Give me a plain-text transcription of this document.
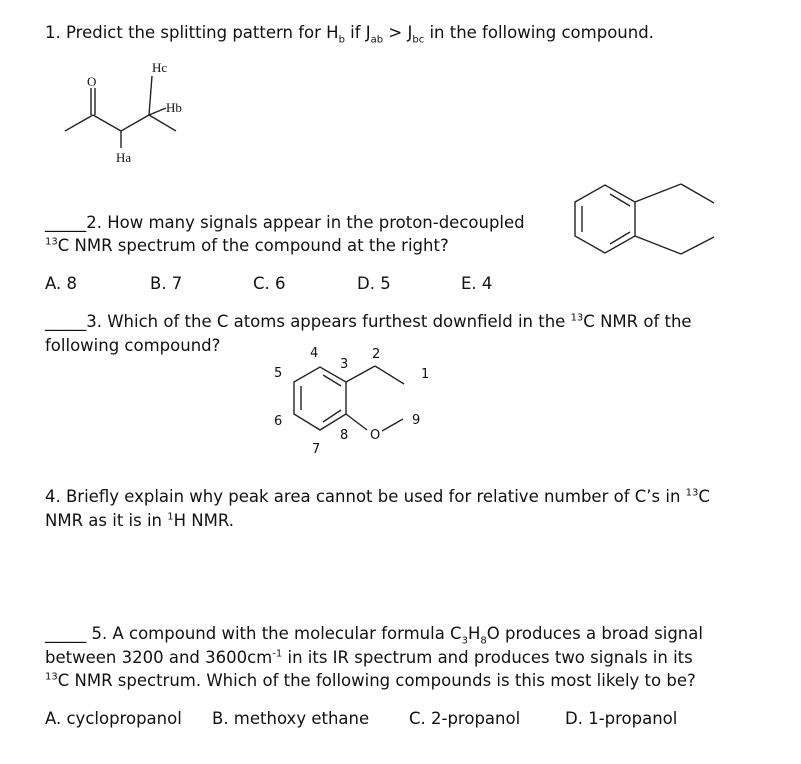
1. Predict the splitting pattern for $H_b$ if $J_{ab} > J_{bc}$ in the following compound.
O
Hc
Hb
Ha
_____2. How many signals appear in the proton-decoupled
$^{13}$C NMR spectrum of the compound at the right?
A. 8	B. 7	C. 6	D. 5	E. 4
_____3. Which of the C atoms appears furthest downfield in the $^{13}$C NMR of the
following compound?
1
2
3
4
5
6
7
8
9
O
4. Briefly explain why peak area cannot be used for relative number of C’s in $^{13}$C
NMR as it is in $^1$H NMR.
_____ 5. A compound with the molecular formula $C_3H_8O$ produces a broad signal
between 3200 and $3600cm^{-1}$ in its IR spectrum and produces two signals in its
$^{13}$C NMR spectrum. Which of the following compounds is this most likely to be?
A. cyclopropanol B. methoxy ethane C. 2-propanol	D. 1-propanol
